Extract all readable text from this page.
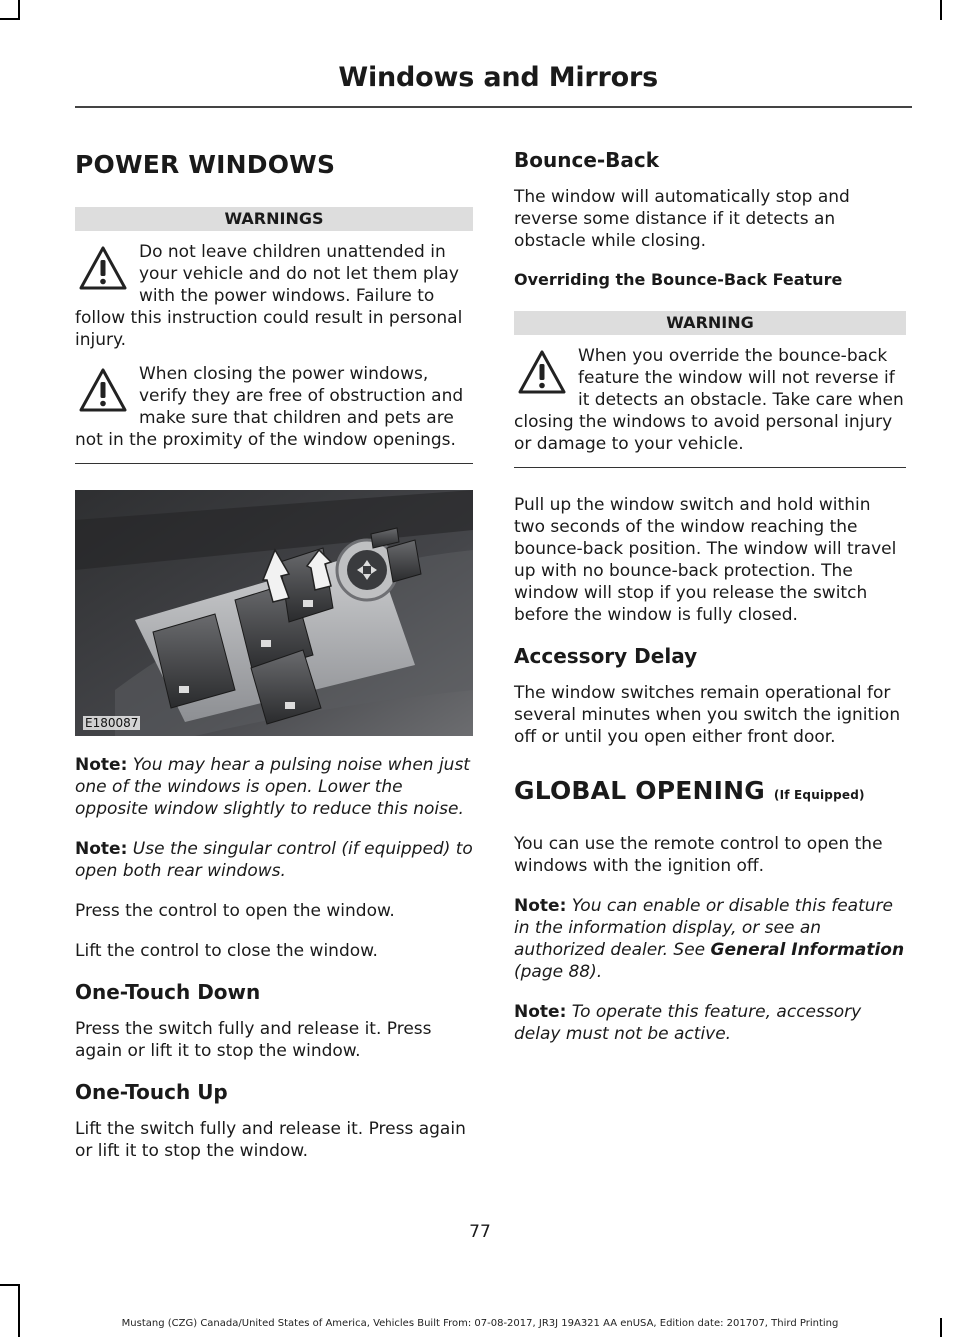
Windows and Mirrors
POWER WINDOWS
WARNINGS
Do not leave children unattended in your vehicle and do not let them play with the power windows. Failure to follow this instruction could result in personal injury.
When closing the power windows, verify they are free of obstruction and make sure that children and pets are not in the proximity of the window openings.
E180087

Note: You may hear a pulsing noise when just one of the windows is open. Lower the opposite window slightly to reduce this noise.

Note: Use the singular control (if equipped) to open both rear windows.

Press the control to open the window.

Lift the control to close the window.

One-Touch Down

Press the switch fully and release it. Press again or lift it to stop the window.

One-Touch Up

Lift the switch fully and release it. Press again or lift it to stop the window.

Bounce-Back

The window will automatically stop and reverse some distance if it detects an obstacle while closing.

Overriding the Bounce-Back Feature
WARNING
When you override the bounce-back feature the window will not reverse if it detects an obstacle. Take care when closing the windows to avoid personal injury or damage to your vehicle.

Pull up the window switch and hold within two seconds of the window reaching the bounce-back position. The window will travel up with no bounce-back protection. The window will stop if you release the switch before the window is fully closed.

Accessory Delay

The window switches remain operational for several minutes when you switch the ignition off or until you open either front door.

GLOBAL OPENING (If Equipped)

You can use the remote control to open the windows with the ignition off.

Note: You can enable or disable this feature in the information display, or see an authorized dealer. See General Information (page 88).

Note: To operate this feature, accessory delay must not be active.

77
Mustang (CZG) Canada/United States of America, Vehicles Built From: 07-08-2017, JR3J 19A321 AA enUSA, Edition date: 201707, Third Printing
